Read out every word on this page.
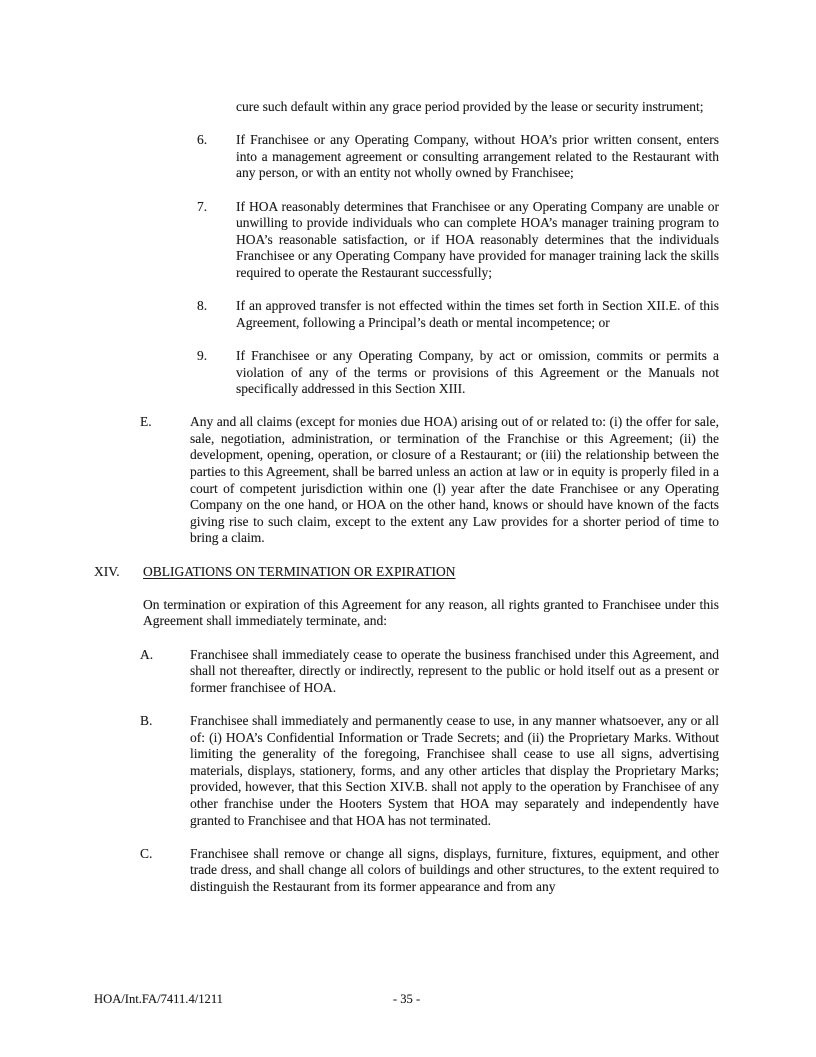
cure such default within any grace period provided by the lease or security instrument;

6.	If Franchisee or any Operating Company, without HOA’s prior written consent, enters into a management agreement or consulting arrangement related to the Restaurant with any person, or with an entity not wholly owned by Franchisee;

7.	If HOA reasonably determines that Franchisee or any Operating Company are unable or unwilling to provide individuals who can complete HOA’s manager training program to HOA’s reasonable satisfaction, or if HOA reasonably determines that the individuals Franchisee or any Operating Company have provided for manager training lack the skills required to operate the Restaurant successfully;

8.	If an approved transfer is not effected within the times set forth in Section XII.E. of this Agreement, following a Principal’s death or mental incompetence; or

9.	If Franchisee or any Operating Company, by act or omission, commits or permits a violation of any of the terms or provisions of this Agreement or the Manuals not specifically addressed in this Section XIII.

E.	Any and all claims (except for monies due HOA) arising out of or related to: (i) the offer for sale, sale, negotiation, administration, or termination of the Franchise or this Agreement; (ii) the development, opening, operation, or closure of a Restaurant; or (iii) the relationship between the parties to this Agreement, shall be barred unless an action at law or in equity is properly filed in a court of competent jurisdiction within one (l) year after the date Franchisee or any Operating Company on the one hand, or HOA on the other hand, knows or should have known of the facts giving rise to such claim, except to the extent any Law provides for a shorter period of time to bring a claim.

XIV.	OBLIGATIONS ON TERMINATION OR EXPIRATION

On termination or expiration of this Agreement for any reason, all rights granted to Franchisee under this Agreement shall immediately terminate, and:

A.	Franchisee shall immediately cease to operate the business franchised under this Agreement, and shall not thereafter, directly or indirectly, represent to the public or hold itself out as a present or former franchisee of HOA.

B.	Franchisee shall immediately and permanently cease to use, in any manner whatsoever, any or all of: (i) HOA’s Confidential Information or Trade Secrets; and (ii) the Proprietary Marks. Without limiting the generality of the foregoing, Franchisee shall cease to use all signs, advertising materials, displays, stationery, forms, and any other articles that display the Proprietary Marks; provided, however, that this Section XIV.B. shall not apply to the operation by Franchisee of any other franchise under the Hooters System that HOA may separately and independently have granted to Franchisee and that HOA has not terminated.

C.	Franchisee shall remove or change all signs, displays, furniture, fixtures, equipment, and other trade dress, and shall change all colors of buildings and other structures, to the extent required to distinguish the Restaurant from its former appearance and from any

HOA/Int.FA/7411.4/1211	- 35 -
